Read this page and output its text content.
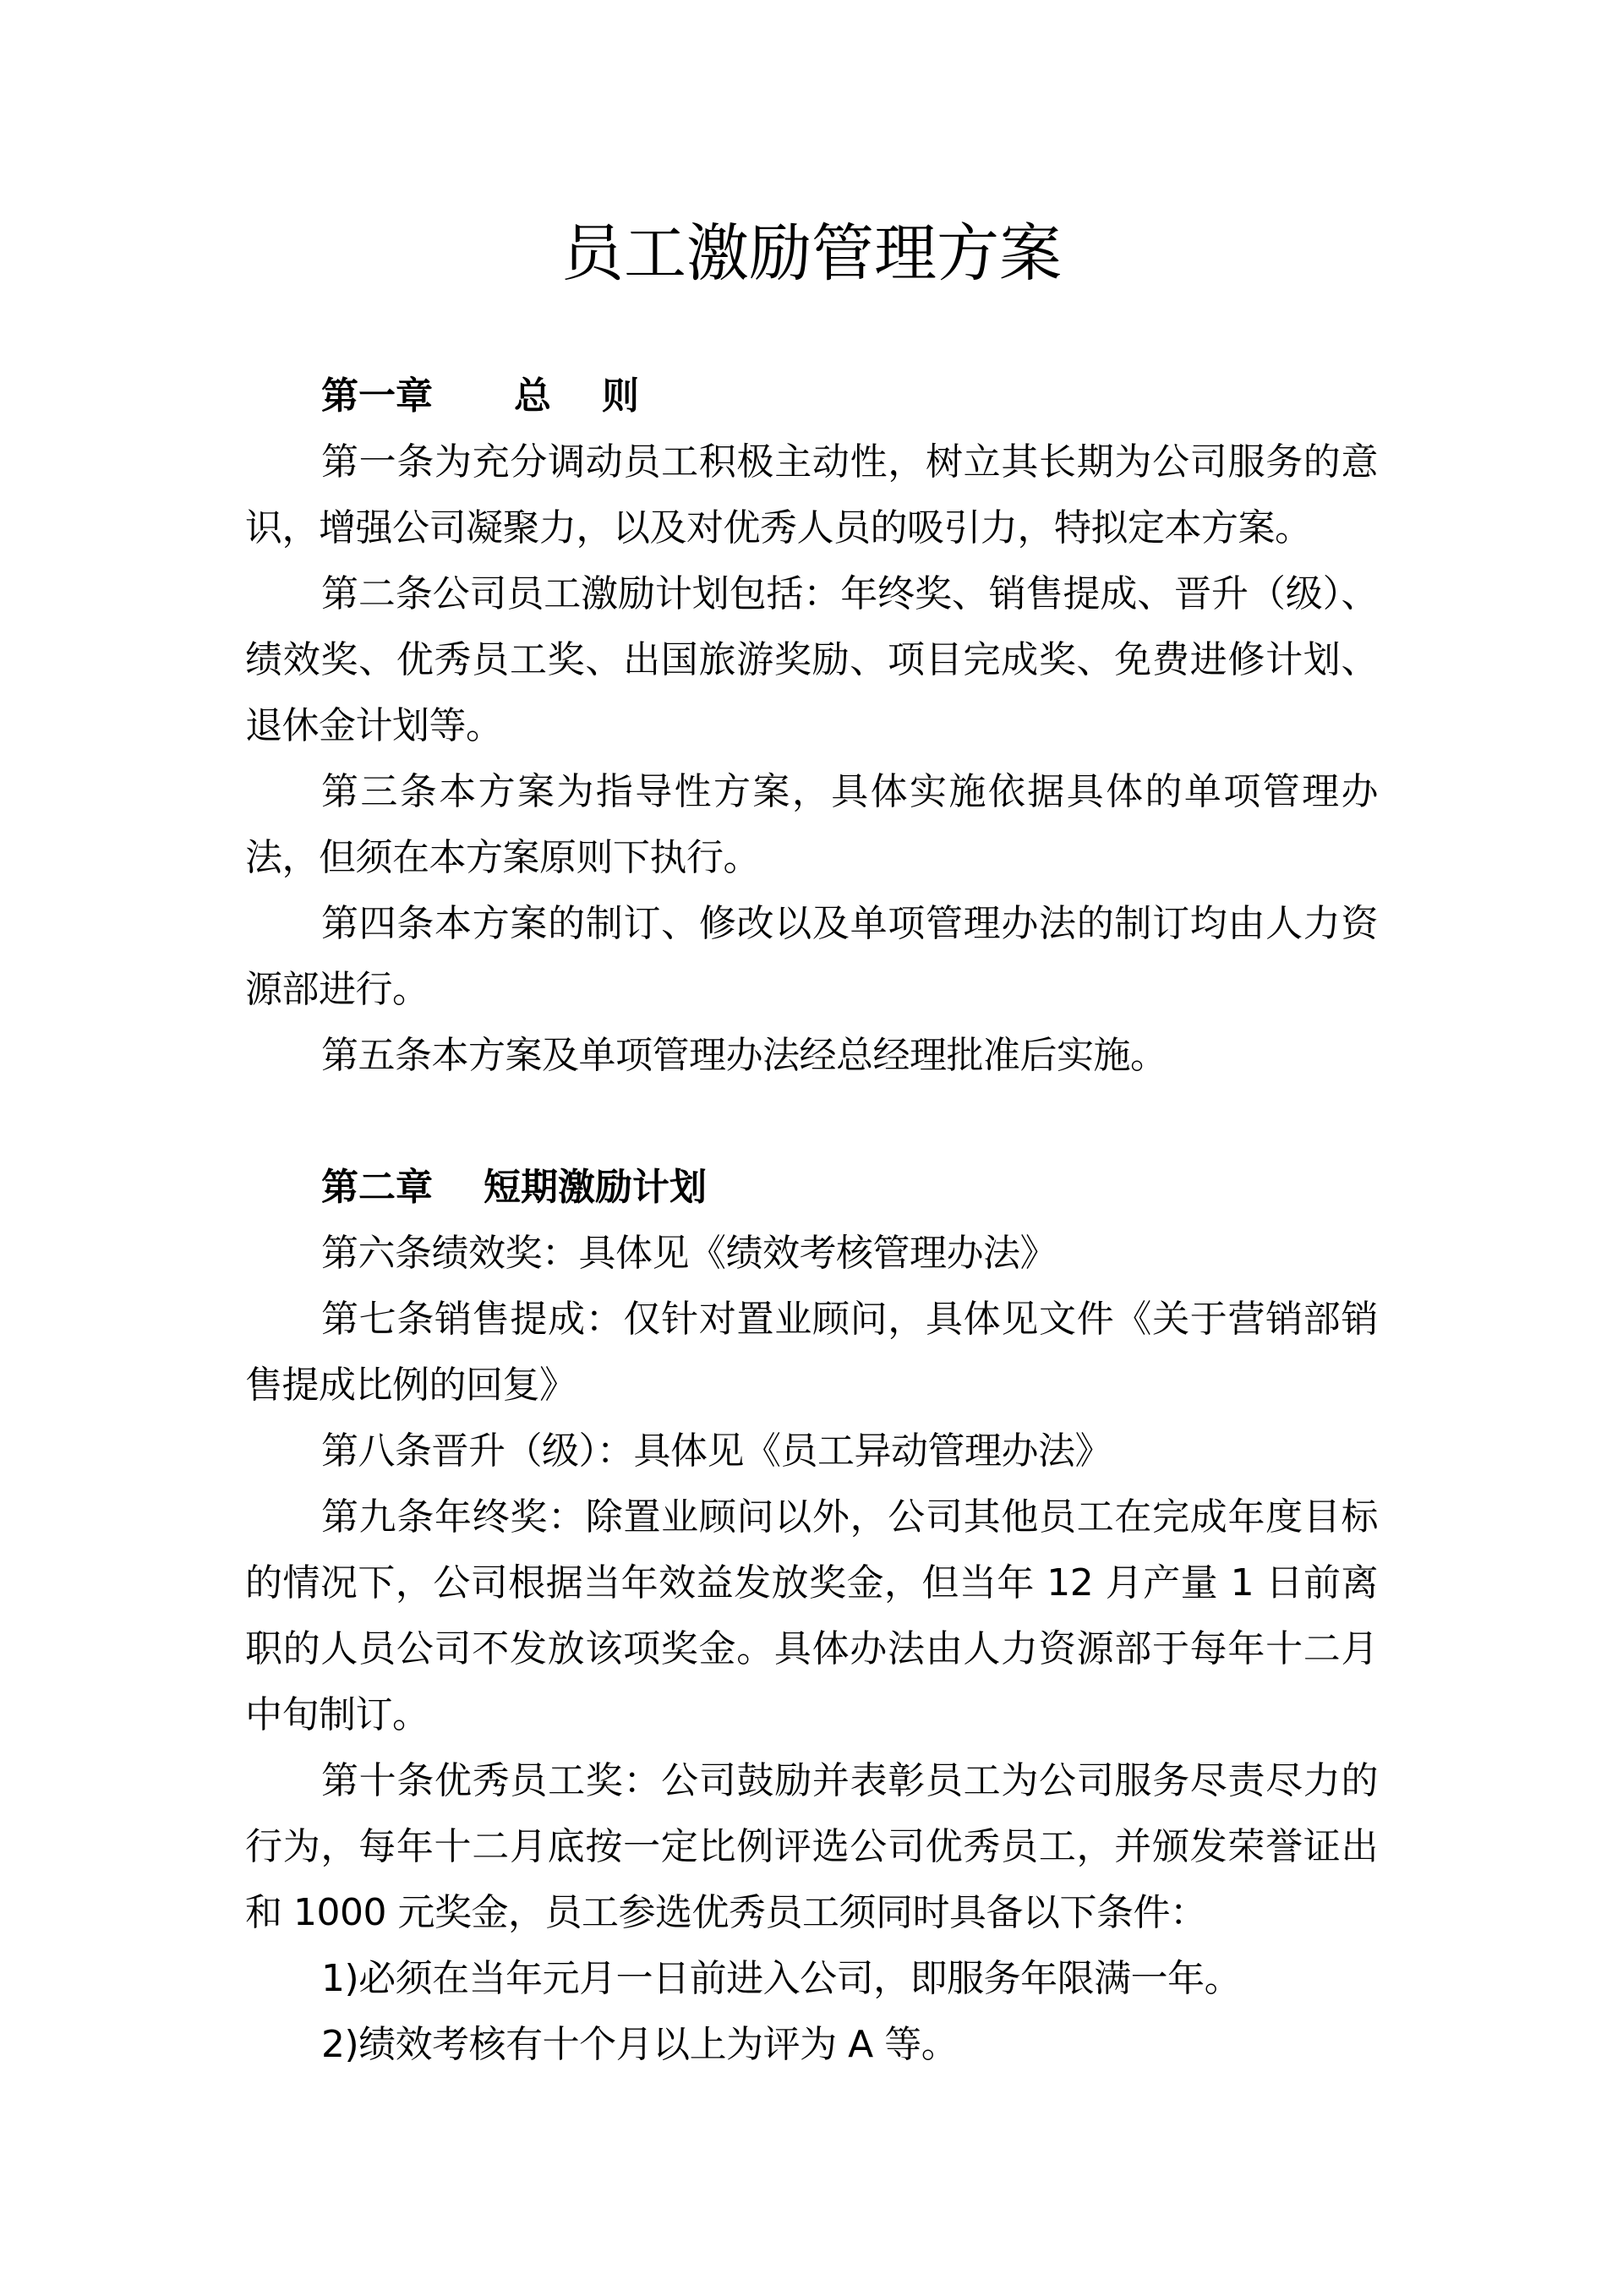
员工激励管理方案

第一章 总 则

第一条为充分调动员工积极主动性，树立其长期为公司服务的意识，增强公司凝聚力，以及对优秀人员的吸引力，特拟定本方案。

第二条公司员工激励计划包括：年终奖、销售提成、晋升（级）、绩效奖、优秀员工奖、出国旅游奖励、项目完成奖、免费进修计划、退休金计划等。

第三条本方案为指导性方案，具体实施依据具体的单项管理办法，但须在本方案原则下执行。

第四条本方案的制订、修改以及单项管理办法的制订均由人力资源部进行。

第五条本方案及单项管理办法经总经理批准后实施。

第二章 短期激励计划

第六条绩效奖：具体见《绩效考核管理办法》

第七条销售提成：仅针对置业顾问，具体见文件《关于营销部销售提成比例的回复》

第八条晋升（级）：具体见《员工异动管理办法》

第九条年终奖：除置业顾问以外，公司其他员工在完成年度目标的情况下，公司根据当年效益发放奖金，但当年 12 月产量 1 日前离职的人员公司不发放该项奖金。具体办法由人力资源部于每年十二月中旬制订。

第十条优秀员工奖：公司鼓励并表彰员工为公司服务尽责尽力的行为，每年十二月底按一定比例评选公司优秀员工，并颁发荣誉证出和 1000 元奖金，员工参选优秀员工须同时具备以下条件：

1)必须在当年元月一日前进入公司，即服务年限满一年。

2)绩效考核有十个月以上为评为 A 等。
